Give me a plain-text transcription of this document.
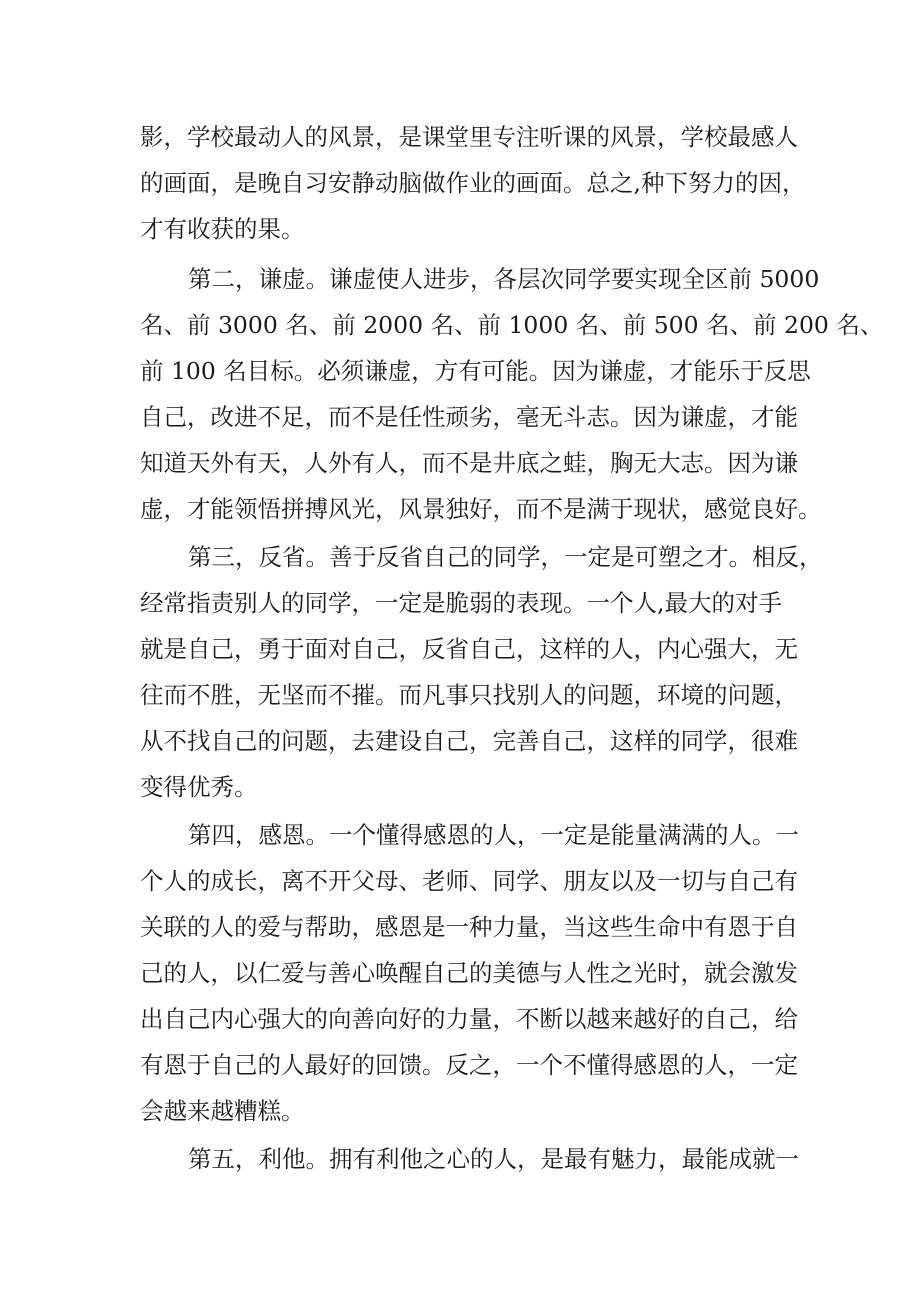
影，学校最动人的风景，是课堂里专注听课的风景，学校最感人
的画面，是晚自习安静动脑做作业的画面。总之,种下努力的因，
才有收获的果。
第二，谦虚。谦虚使人进步，各层次同学要实现全区前 5000
名、前 3000 名、前 2000 名、前 1000 名、前 500 名、前 200 名、
前 100 名目标。必须谦虚，方有可能。因为谦虚，才能乐于反思
自己，改进不足，而不是任性顽劣，毫无斗志。因为谦虚，才能
知道天外有天，人外有人，而不是井底之蛙，胸无大志。因为谦
虚，才能领悟拼搏风光，风景独好，而不是满于现状，感觉良好。
第三，反省。善于反省自己的同学，一定是可塑之才。相反，
经常指责别人的同学，一定是脆弱的表现。一个人,最大的对手
就是自己，勇于面对自己，反省自己，这样的人，内心强大，无
往而不胜，无坚而不摧。而凡事只找别人的问题，环境的问题，
从不找自己的问题，去建设自己，完善自己，这样的同学，很难
变得优秀。
第四，感恩。一个懂得感恩的人，一定是能量满满的人。一
个人的成长，离不开父母、老师、同学、朋友以及一切与自己有
关联的人的爱与帮助，感恩是一种力量，当这些生命中有恩于自
己的人，以仁爱与善心唤醒自己的美德与人性之光时，就会激发
出自己内心强大的向善向好的力量，不断以越来越好的自己，给
有恩于自己的人最好的回馈。反之，一个不懂得感恩的人，一定
会越来越糟糕。
第五，利他。拥有利他之心的人，是最有魅力，最能成就一
